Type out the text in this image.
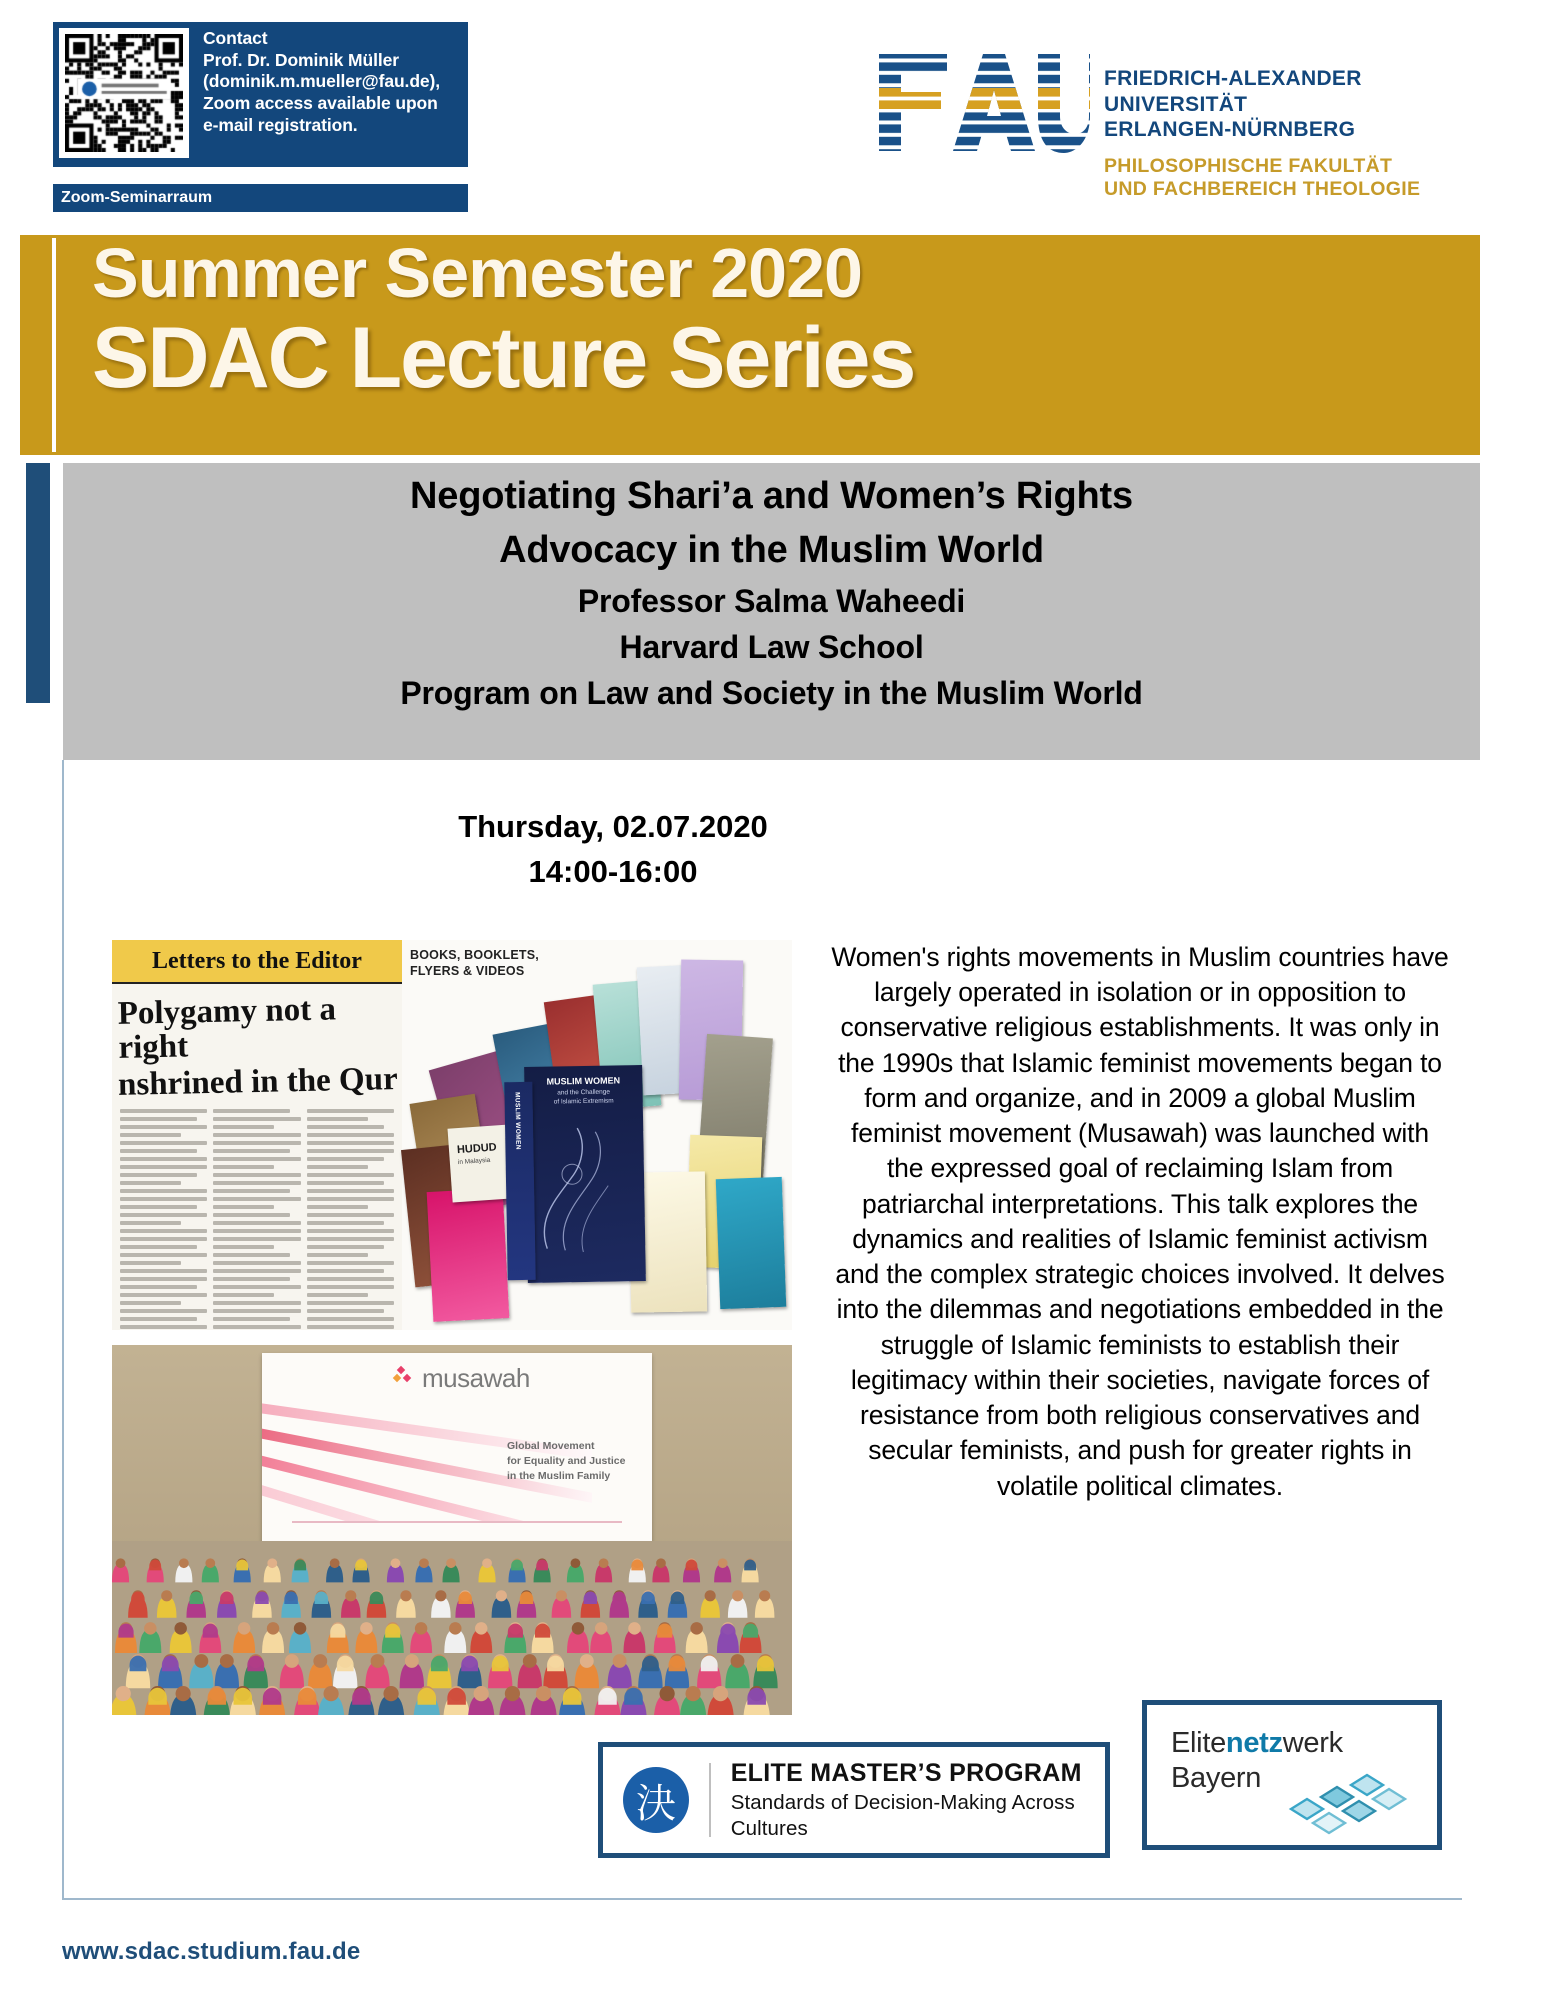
Contact
Prof. Dr. Dominik Müller
(dominik.m.mueller@fau.de),
Zoom access available upon
e-mail registration.
Zoom-Seminarraum
FRIEDRICH-ALEXANDER
UNIVERSITÄT
ERLANGEN-NÜRNBERG
PHILOSOPHISCHE FAKULTÄT
UND FACHBEREICH THEOLOGIE
Summer Semester 2020
SDAC Lecture Series
Negotiating Shari’a and Women’s Rights
Advocacy in the Muslim World
Professor Salma Waheedi
Harvard Law School
Program on Law and Society in the Muslim World
Thursday, 02.07.2020
14:00-16:00
Letters to the Editor
Polygamy not a right
nshrined in the Qur
BOOKS, BOOKLETS,
FLYERS & VIDEOS
MUSLIM WOMEN
and the Challenge
of Islamic Extremism
HUDUD
in Malaysia
MUSLIM WOMEN
musawah
Global Movement
for Equality and Justice
in the Muslim Family
Women's rights movements in Muslim countries have largely operated in isolation or in opposition to conservative religious establishments. It was only in the 1990s that Islamic feminist movements began to form and organize, and in 2009 a global Muslim feminist movement (Musawah) was launched with the expressed goal of reclaiming Islam from patriarchal interpretations. This talk explores the dynamics and realities of Islamic feminist activism and the complex strategic choices involved. It delves into the dilemmas and negotiations embedded in the struggle of Islamic feminists to establish their legitimacy within their societies, navigate forces of resistance from both religious conservatives and secular feminists, and push for greater rights in volatile political climates.
決
ELITE MASTER’S PROGRAM
Standards of Decision-Making Across Cultures
Elitenetzwerk
Bayern
www.sdac.studium.fau.de
